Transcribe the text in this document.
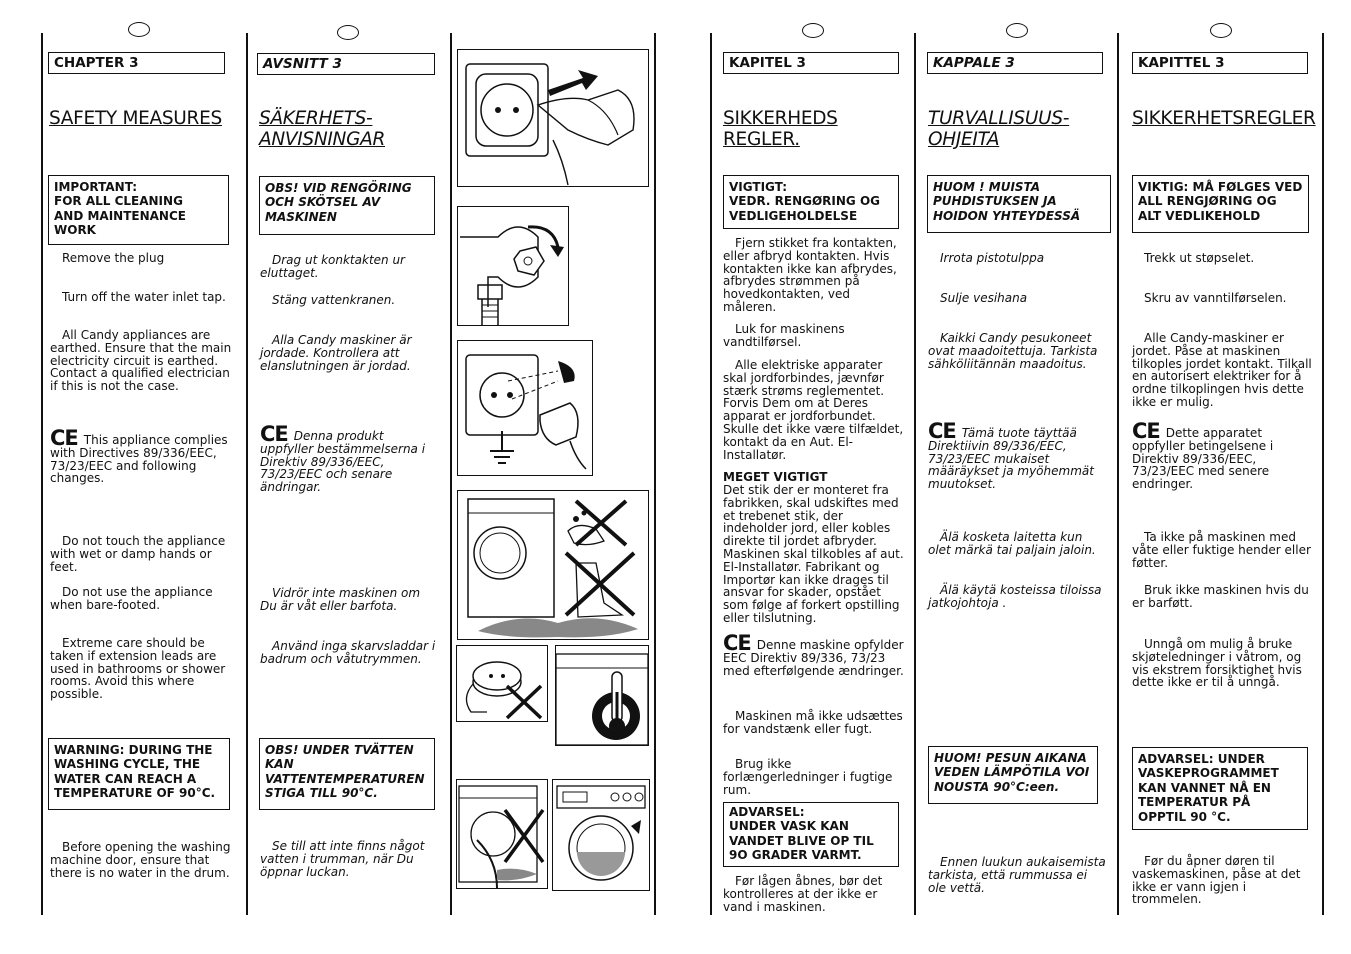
CHAPTER 3
SAFETY MEASURES
IMPORTANT:
FOR ALL CLEANING
AND MAINTENANCE
WORK
Remove the plug
Turn off the water inlet tap.
All Candy appliances are earthed. Ensure that the main electricity circuit is earthed. Contact a qualified electrician if this is not the case.
CE This appliance complies with Directives 89/336/EEC, 73/23/EEC and following changes.
Do not touch the appliance with wet or damp hands or feet.
Do not use the appliance when bare-footed.
Extreme care should be taken if extension leads are used in bathrooms or shower rooms. Avoid this where possible.
WARNING: DURING THE WASHING CYCLE, THE WATER CAN REACH A TEMPERATURE OF 90°C.
Before opening the washing machine door, ensure that there is no water in the drum.
AVSNITT 3
SÄKERHETS-
ANVISNINGAR
OBS! VID RENGÖRING OCH SKÖTSEL AV MASKINEN
Drag ut konktakten ur eluttaget.
Stäng vattenkranen.
Alla Candy maskiner är jordade. Kontrollera att elanslutningen är jordad.
CE Denna produkt uppfyller bestämmelserna i Direktiv 89/336/EEC, 73/23/EEC och senare ändringar.
Vidrör inte maskinen om Du är våt eller barfota.
Använd inga skarvsladdar i badrum och våtutrymmen.
OBS! UNDER TVÄTTEN KAN VATTENTEMPERATUREN STIGA TILL 90°C.
Se till att inte finns något vatten i trumman, när Du öppnar luckan.
KAPITEL 3
SIKKERHEDS
REGLER.
VIGTIGT:
VEDR. RENGØRING OG VEDLIGEHOLDELSE
Fjern stikket fra kontakten, eller afbryd kontakten. Hvis kontakten ikke kan afbrydes, afbrydes strømmen på hovedkontakten, ved måleren.
Luk for maskinens vandtilførsel.
Alle elektriske apparater skal jordforbindes, jævnfør stærk strøms reglementet. Forvis Dem om at Deres apparat er jordforbundet. Skulle det ikke være tilfældet, kontakt da en Aut. El-Installatør.
MEGET VIGTIGT
Det stik der er monteret fra fabrikken, skal udskiftes med et trebenet stik, der indeholder jord, eller kobles direkte til jordet afbryder. Maskinen skal tilkobles af aut. El-Installatør. Fabrikant og Importør kan ikke drages til ansvar for skader, opstået som følge af forkert opstilling eller tilslutning.
CE Denne maskine opfylder EEC Direktiv 89/336, 73/23 med efterfølgende ændringer.
Maskinen må ikke udsættes for vandstænk eller fugt.
Brug ikke forlængerledninger i fugtige rum.
ADVARSEL:
UNDER VASK KAN VANDET BLIVE OP TIL 9O GRADER VARMT.
Før lågen åbnes, bør det kontrolleres at der ikke er vand i maskinen.
KAPPALE 3
TURVALLISUUS-
OHJEITA
HUOM ! MUISTA PUHDISTUKSEN JA HOIDON YHTEYDESSÄ
Irrota pistotulppa
Sulje vesihana
Kaikki Candy pesukoneet ovat maadoitettuja. Tarkista sähköliitännän maadoitus.
CE Tämä tuote täyttää Direktiivin 89/336/EEC, 73/23/EEC mukaiset määräykset ja myöhemmät muutokset.
Älä kosketa laitetta kun olet märkä tai paljain jaloin.
Älä käytä kosteissa tiloissa jatkojohtoja .
HUOM! PESUN AIKANA VEDEN LÄMPÖTILA VOI NOUSTA 90°C:een.
Ennen luukun aukaisemista tarkista, että rummussa ei ole vettä.
KAPITTEL 3
SIKKERHETSREGLER
VIKTIG: MÅ FØLGES VED ALL RENGJØRING OG ALT VEDLIKEHOLD
Trekk ut støpselet.
Skru av vanntilførselen.
Alle Candy-maskiner er jordet. Påse at maskinen tilkoples jordet kontakt. Tilkall en autorisert elektriker for å ordne tilkoplingen hvis dette ikke er mulig.
CE Dette apparatet oppfyller betingelsene i Direktiv 89/336/EEC, 73/23/EEC med senere endringer.
Ta ikke på maskinen med våte eller fuktige hender eller føtter.
Bruk ikke maskinen hvis du er barføtt.
Unngå om mulig å bruke skjøteledninger i våtrom, og vis ekstrem forsiktighet hvis dette ikke er til å unngå.
ADVARSEL: UNDER VASKEPROGRAMMET KAN VANNET NÅ EN TEMPERATUR PÅ OPPTIL 90 °C.
Før du åpner døren til vaskemaskinen, påse at det ikke er vann igjen i trommelen.
